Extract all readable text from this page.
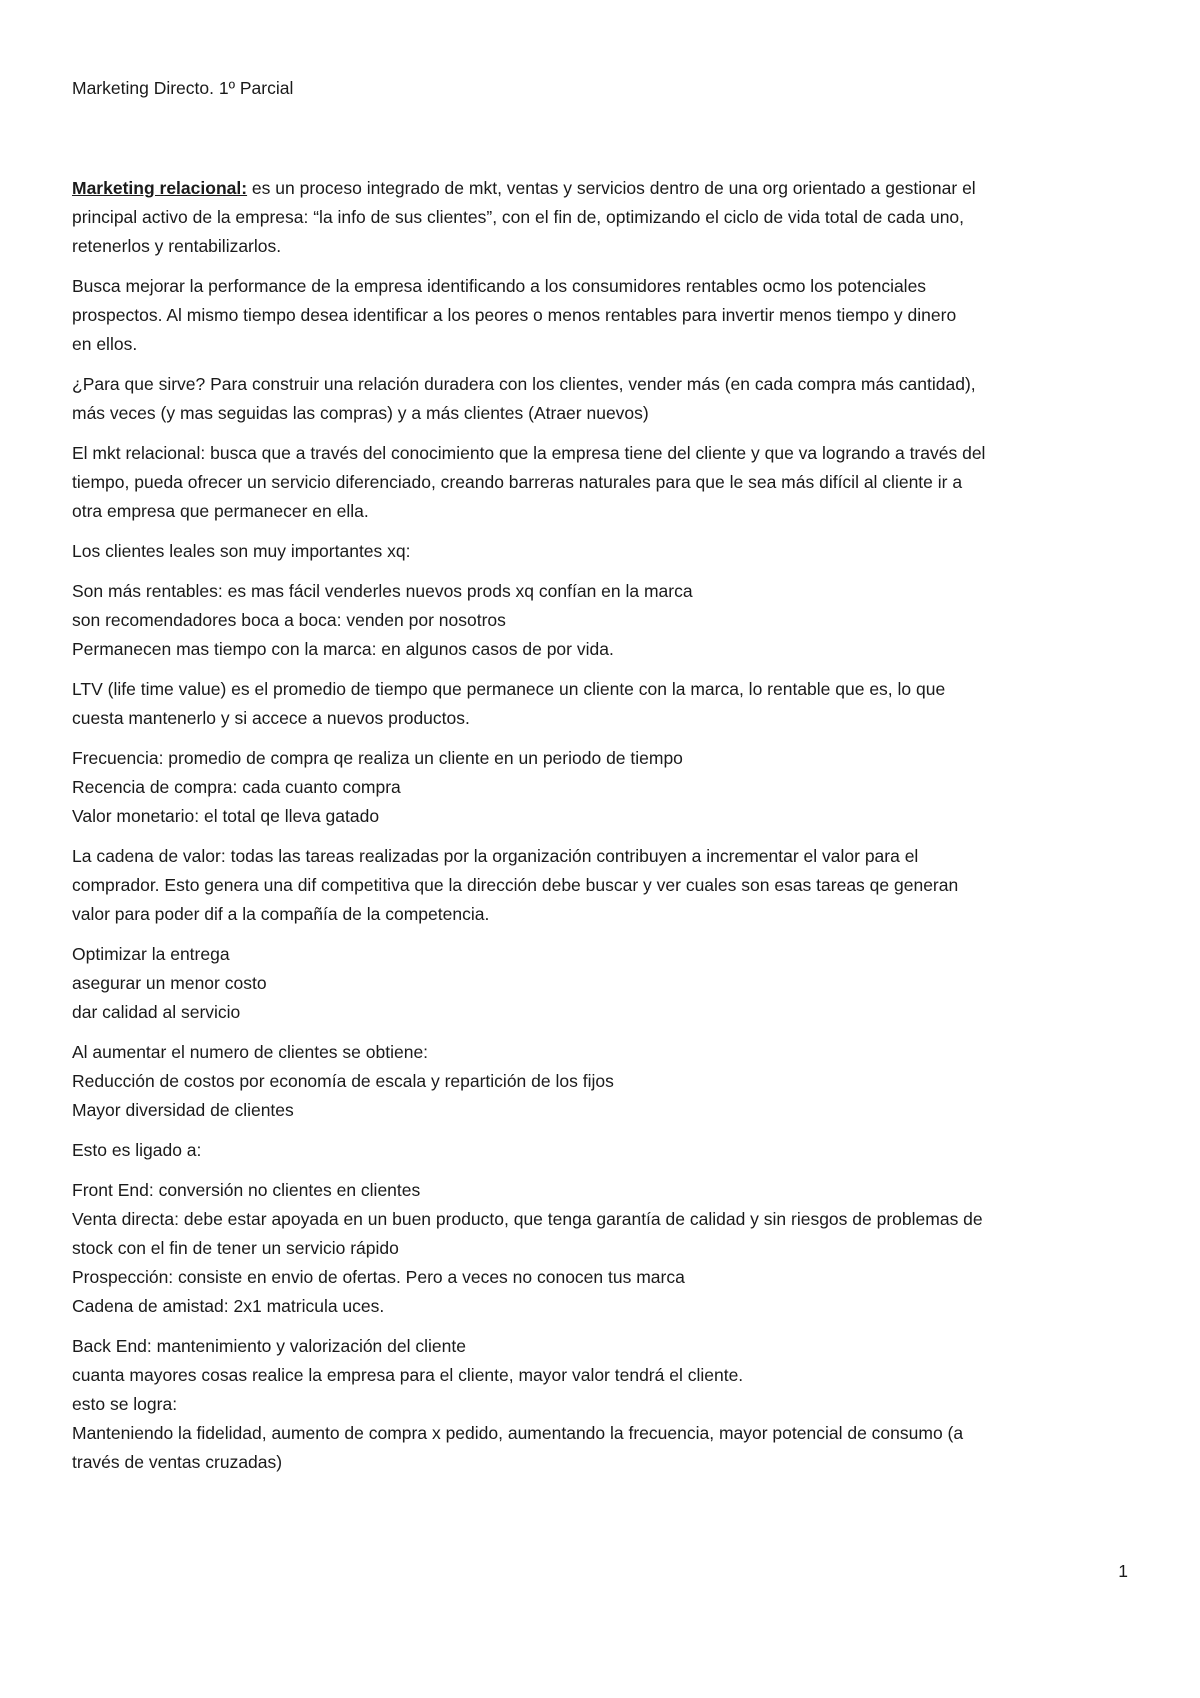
Marketing Directo. 1º Parcial
Marketing relacional: es un proceso integrado de mkt, ventas y servicios dentro de una org orientado a gestionar el
principal activo de la empresa: “la info de sus clientes”, con el fin de, optimizando el ciclo de vida total de cada uno,
retenerlos y rentabilizarlos.
Busca mejorar la performance de la empresa identificando a los consumidores rentables ocmo los potenciales
prospectos. Al mismo tiempo desea identificar a los peores o menos rentables para invertir menos tiempo y dinero
en ellos.
¿Para que sirve? Para construir una relación duradera con los clientes, vender más (en cada compra más cantidad),
más veces (y mas seguidas las compras) y a más clientes (Atraer nuevos)
El mkt relacional: busca que a través del conocimiento que la empresa tiene del cliente y que va logrando a través del
tiempo, pueda ofrecer un servicio diferenciado, creando barreras naturales para que le sea más difícil al cliente ir a
otra empresa que permanecer en ella.
Los clientes leales son muy importantes xq:
Son más rentables: es mas fácil venderles nuevos prods xq confían en la marca
son recomendadores boca a boca: venden por nosotros
Permanecen mas tiempo con la marca: en algunos casos de por vida.
LTV (life time value) es el promedio de tiempo que permanece un cliente con la marca, lo rentable que es, lo que
cuesta mantenerlo y si accece a nuevos productos.
Frecuencia: promedio de compra qe realiza un cliente en un periodo de tiempo
Recencia de compra: cada cuanto compra
Valor monetario: el total qe lleva gatado
La cadena de valor: todas las tareas realizadas por la organización contribuyen a incrementar el valor para el
comprador. Esto genera una dif competitiva que la dirección debe buscar y ver cuales son esas tareas qe generan
valor para poder dif a la compañía de la competencia.
Optimizar la entrega
asegurar un menor costo
dar calidad al servicio
Al aumentar el numero de clientes se obtiene:
Reducción de costos por economía de escala y repartición de los fijos
Mayor diversidad de clientes
Esto es ligado a:
Front End: conversión no clientes en clientes
Venta directa: debe estar apoyada en un buen producto, que tenga garantía de calidad y sin riesgos de problemas de
stock con el fin de tener un servicio rápido
Prospección: consiste en envio de ofertas. Pero a veces no conocen tus marca
Cadena de amistad: 2x1 matricula uces.
Back End: mantenimiento y valorización del cliente
cuanta mayores cosas realice la empresa para el cliente, mayor valor tendrá el cliente.
esto se logra:
Manteniendo la fidelidad, aumento de compra x pedido, aumentando la frecuencia, mayor potencial de consumo (a
través de ventas cruzadas)
1
